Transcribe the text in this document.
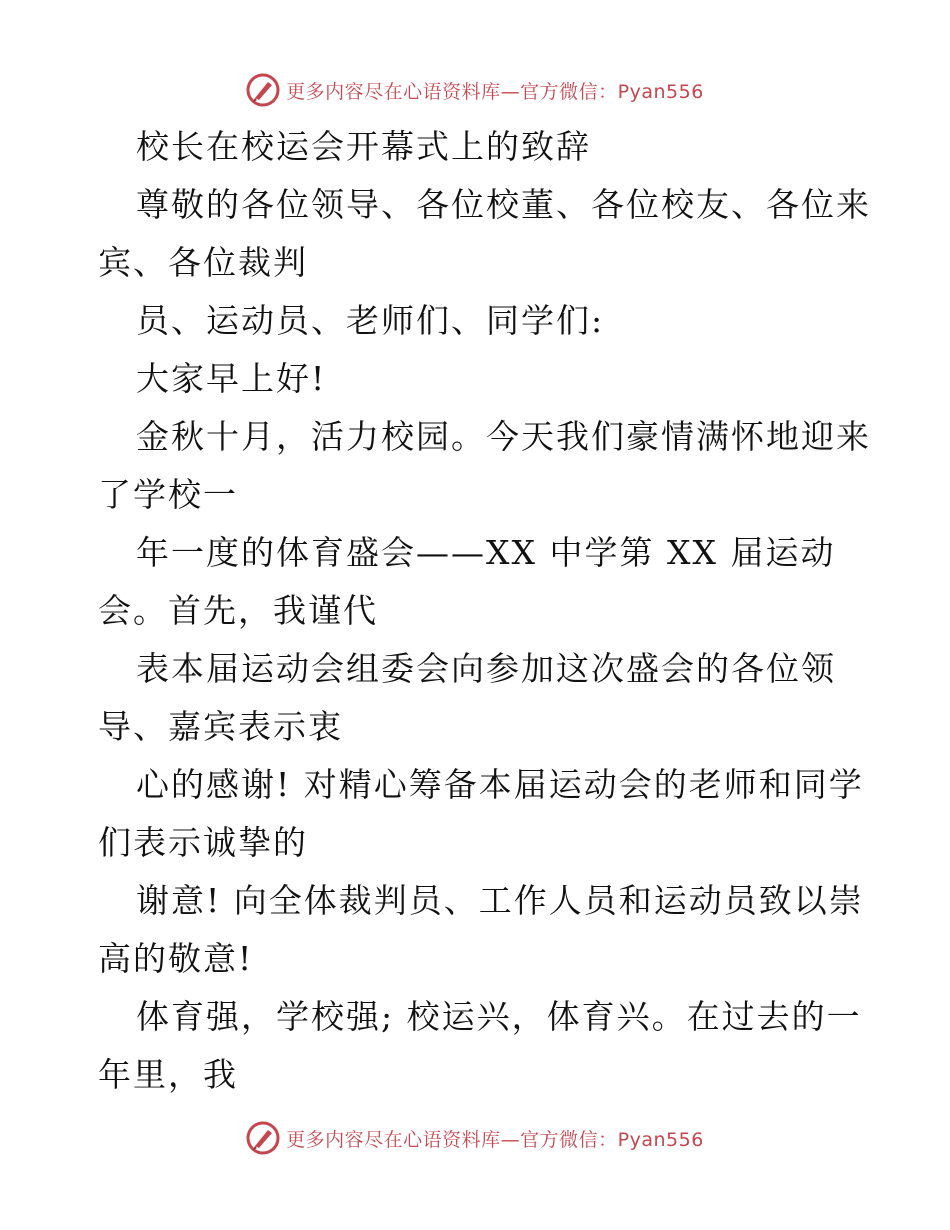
更多内容尽在心语资料库—官方微信：Pyan556
校长在校运会开幕式上的致辞
尊敬的各位领导、各位校董、各位校友、各位来
宾、各位裁判
员、运动员、老师们、同学们:
大家早上好!
金秋十月，活力校园。今天我们豪情满怀地迎来
了学校一
年一度的体育盛会——XX 中学第 XX 届运动
会。首先，我谨代
表本届运动会组委会向参加这次盛会的各位领
导、嘉宾表示衷
心的感谢! 对精心筹备本届运动会的老师和同学
们表示诚挚的
谢意! 向全体裁判员、工作人员和运动员致以崇
高的敬意!
体育强，学校强; 校运兴，体育兴。在过去的一
年里，我
更多内容尽在心语资料库—官方微信：Pyan556
